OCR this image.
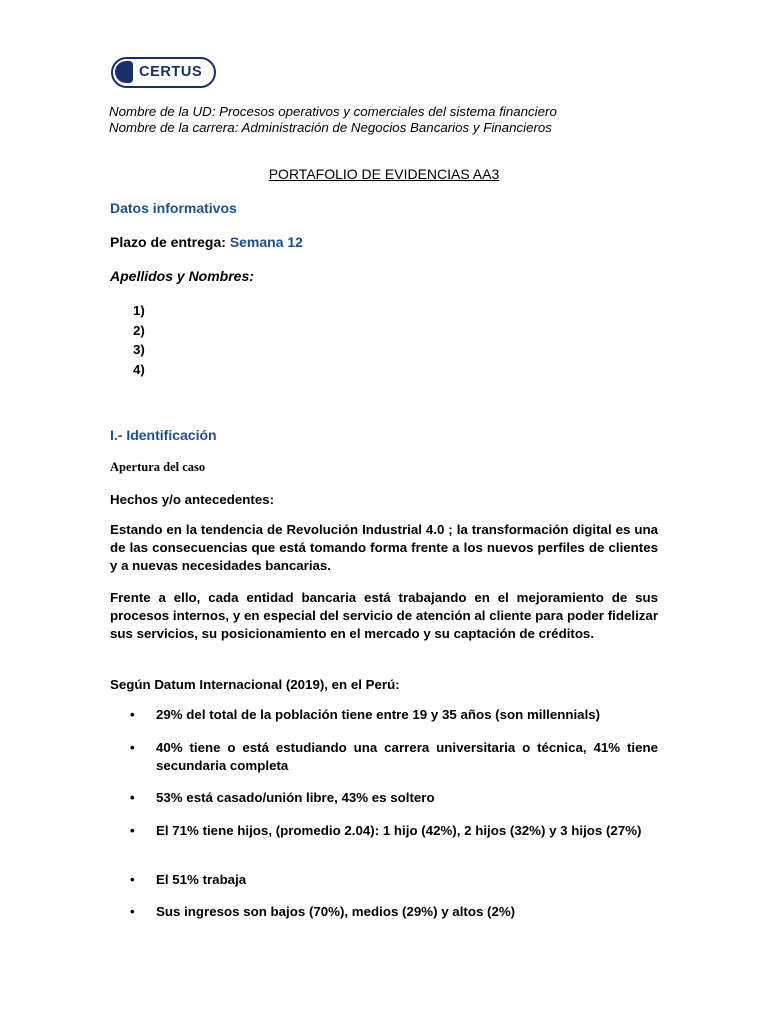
CERTUS
Nombre de la UD: Procesos operativos y comerciales del sistema financiero
Nombre de la carrera: Administración de Negocios Bancarios y Financieros
PORTAFOLIO DE EVIDENCIAS AA3
Datos informativos
Plazo de entrega: Semana 12
Apellidos y Nombres:
1)
2)
3)
4)
I.- Identificación
Apertura del caso
Hechos y/o antecedentes:
Estando en la tendencia de Revolución Industrial 4.0 ; la transformación digital es una de las consecuencias que está tomando forma frente a los nuevos perfiles de clientes y a nuevas necesidades bancarias.
Frente a ello, cada entidad bancaria está trabajando en el mejoramiento de sus procesos internos, y en especial del servicio de atención al cliente para poder fidelizar sus servicios, su posicionamiento en el mercado y su captación de créditos.
Según Datum Internacional (2019), en el Perú:
• 29% del total de la población tiene entre 19 y 35 años (son millennials)
• 40% tiene o está estudiando una carrera universitaria o técnica, 41% tiene secundaria completa
• 53% está casado/unión libre, 43% es soltero
• El 71% tiene hijos, (promedio 2.04): 1 hijo (42%), 2 hijos (32%) y 3 hijos (27%)
• El 51% trabaja
• Sus ingresos son bajos (70%), medios (29%) y altos (2%)
